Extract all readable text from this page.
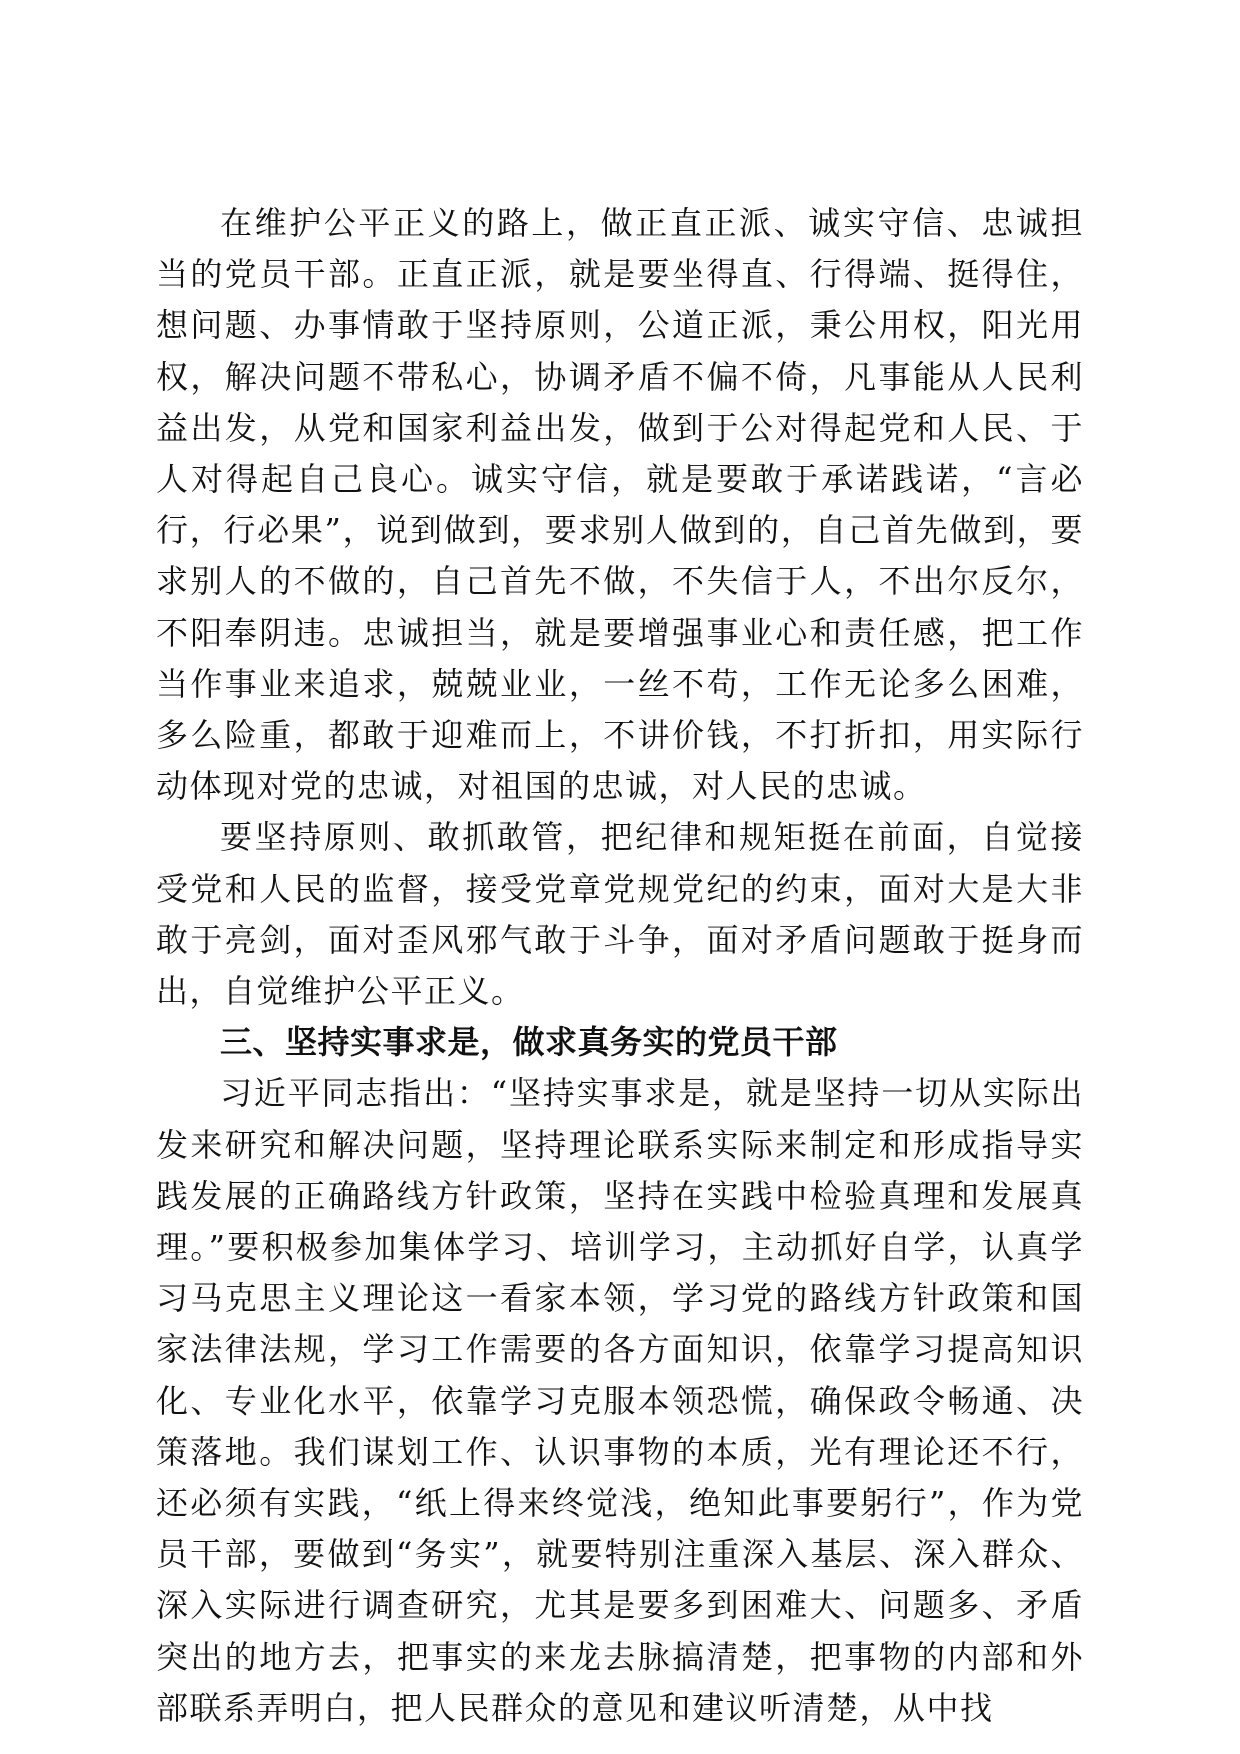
在维护公平正义的路上，做正直正派、诚实守信、忠诚担当的党员干部。正直正派，就是要坐得直、行得端、挺得住，想问题、办事情敢于坚持原则，公道正派，秉公用权，阳光用权，解决问题不带私心，协调矛盾不偏不倚，凡事能从人民利益出发，从党和国家利益出发，做到于公对得起党和人民、于人对得起自己良心。诚实守信，就是要敢于承诺践诺，“言必行，行必果”，说到做到，要求别人做到的，自己首先做到，要求别人的不做的，自己首先不做，不失信于人，不出尔反尔，不阳奉阴违。忠诚担当，就是要增强事业心和责任感，把工作当作事业来追求，兢兢业业，一丝不苟，工作无论多么困难，多么险重，都敢于迎难而上，不讲价钱，不打折扣，用实际行动体现对党的忠诚，对祖国的忠诚，对人民的忠诚。

要坚持原则、敢抓敢管，把纪律和规矩挺在前面，自觉接受党和人民的监督，接受党章党规党纪的约束，面对大是大非敢于亮剑，面对歪风邪气敢于斗争，面对矛盾问题敢于挺身而出，自觉维护公平正义。

三、坚持实事求是，做求真务实的党员干部

习近平同志指出：“坚持实事求是，就是坚持一切从实际出发来研究和解决问题，坚持理论联系实际来制定和形成指导实践发展的正确路线方针政策，坚持在实践中检验真理和发展真理。”要积极参加集体学习、培训学习，主动抓好自学，认真学习马克思主义理论这一看家本领，学习党的路线方针政策和国家法律法规，学习工作需要的各方面知识，依靠学习提高知识化、专业化水平，依靠学习克服本领恐慌，确保政令畅通、决策落地。我们谋划工作、认识事物的本质，光有理论还不行，还必须有实践，“纸上得来终觉浅，绝知此事要躬行”，作为党员干部，要做到“务实”，就要特别注重深入基层、深入群众、深入实际进行调查研究，尤其是要多到困难大、问题多、矛盾突出的地方去，把事实的来龙去脉搞清楚，把事物的内部和外部联系弄明白，把人民群众的意见和建议听清楚，从中找
